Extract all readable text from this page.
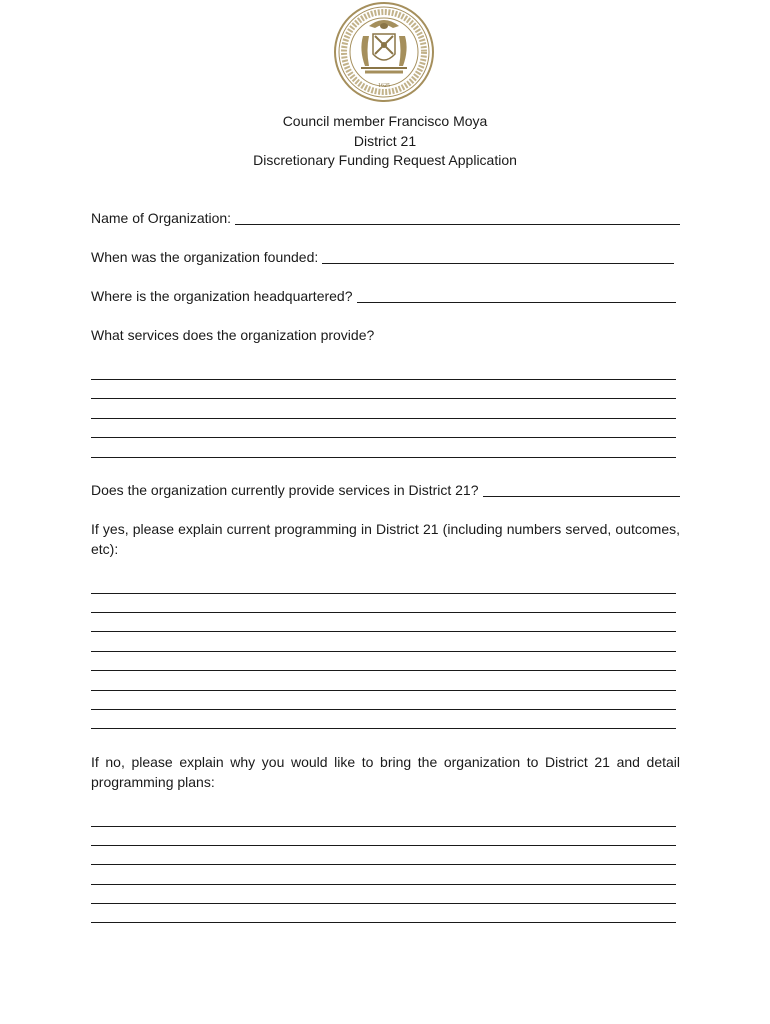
1625
Council member Francisco Moya
District 21
Discretionary Funding Request Application
Name of Organization:
When was the organization founded:
Where is the organization headquartered?
What services does the organization provide?
Does the organization currently provide services in District 21?
If yes, please explain current programming in District 21 (including numbers served, outcomes, etc):
If no, please explain why you would like to bring the organization to District 21 and detail programming plans:
